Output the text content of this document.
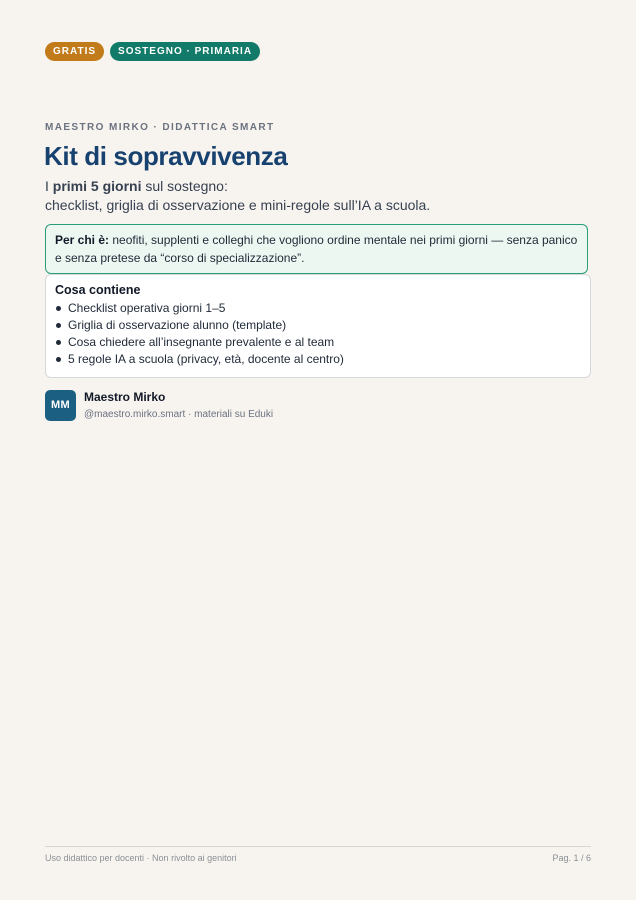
GRATIS	SOSTEGNO · PRIMARIA
MAESTRO MIRKO · DIDATTICA SMART
Kit di sopravvivenza

I primi 5 giorni sul sostegno:
checklist, griglia di osservazione e mini-regole sull’IA a scuola.

Per chi è: neofiti, supplenti e colleghi che vogliono ordine mentale nei primi giorni — senza panico e senza pretese da “corso di specializzazione”.
Cosa contiene
Checklist operativa giorni 1–5
Griglia di osservazione alunno (template)
Cosa chiedere all’insegnante prevalente e al team
5 regole IA a scuola (privacy, età, docente al centro)
MM
Maestro Mirko
@maestro.mirko.smart · materiali su Eduki
Uso didattico per docenti · Non rivolto ai genitori	Pag. 1 / 6
